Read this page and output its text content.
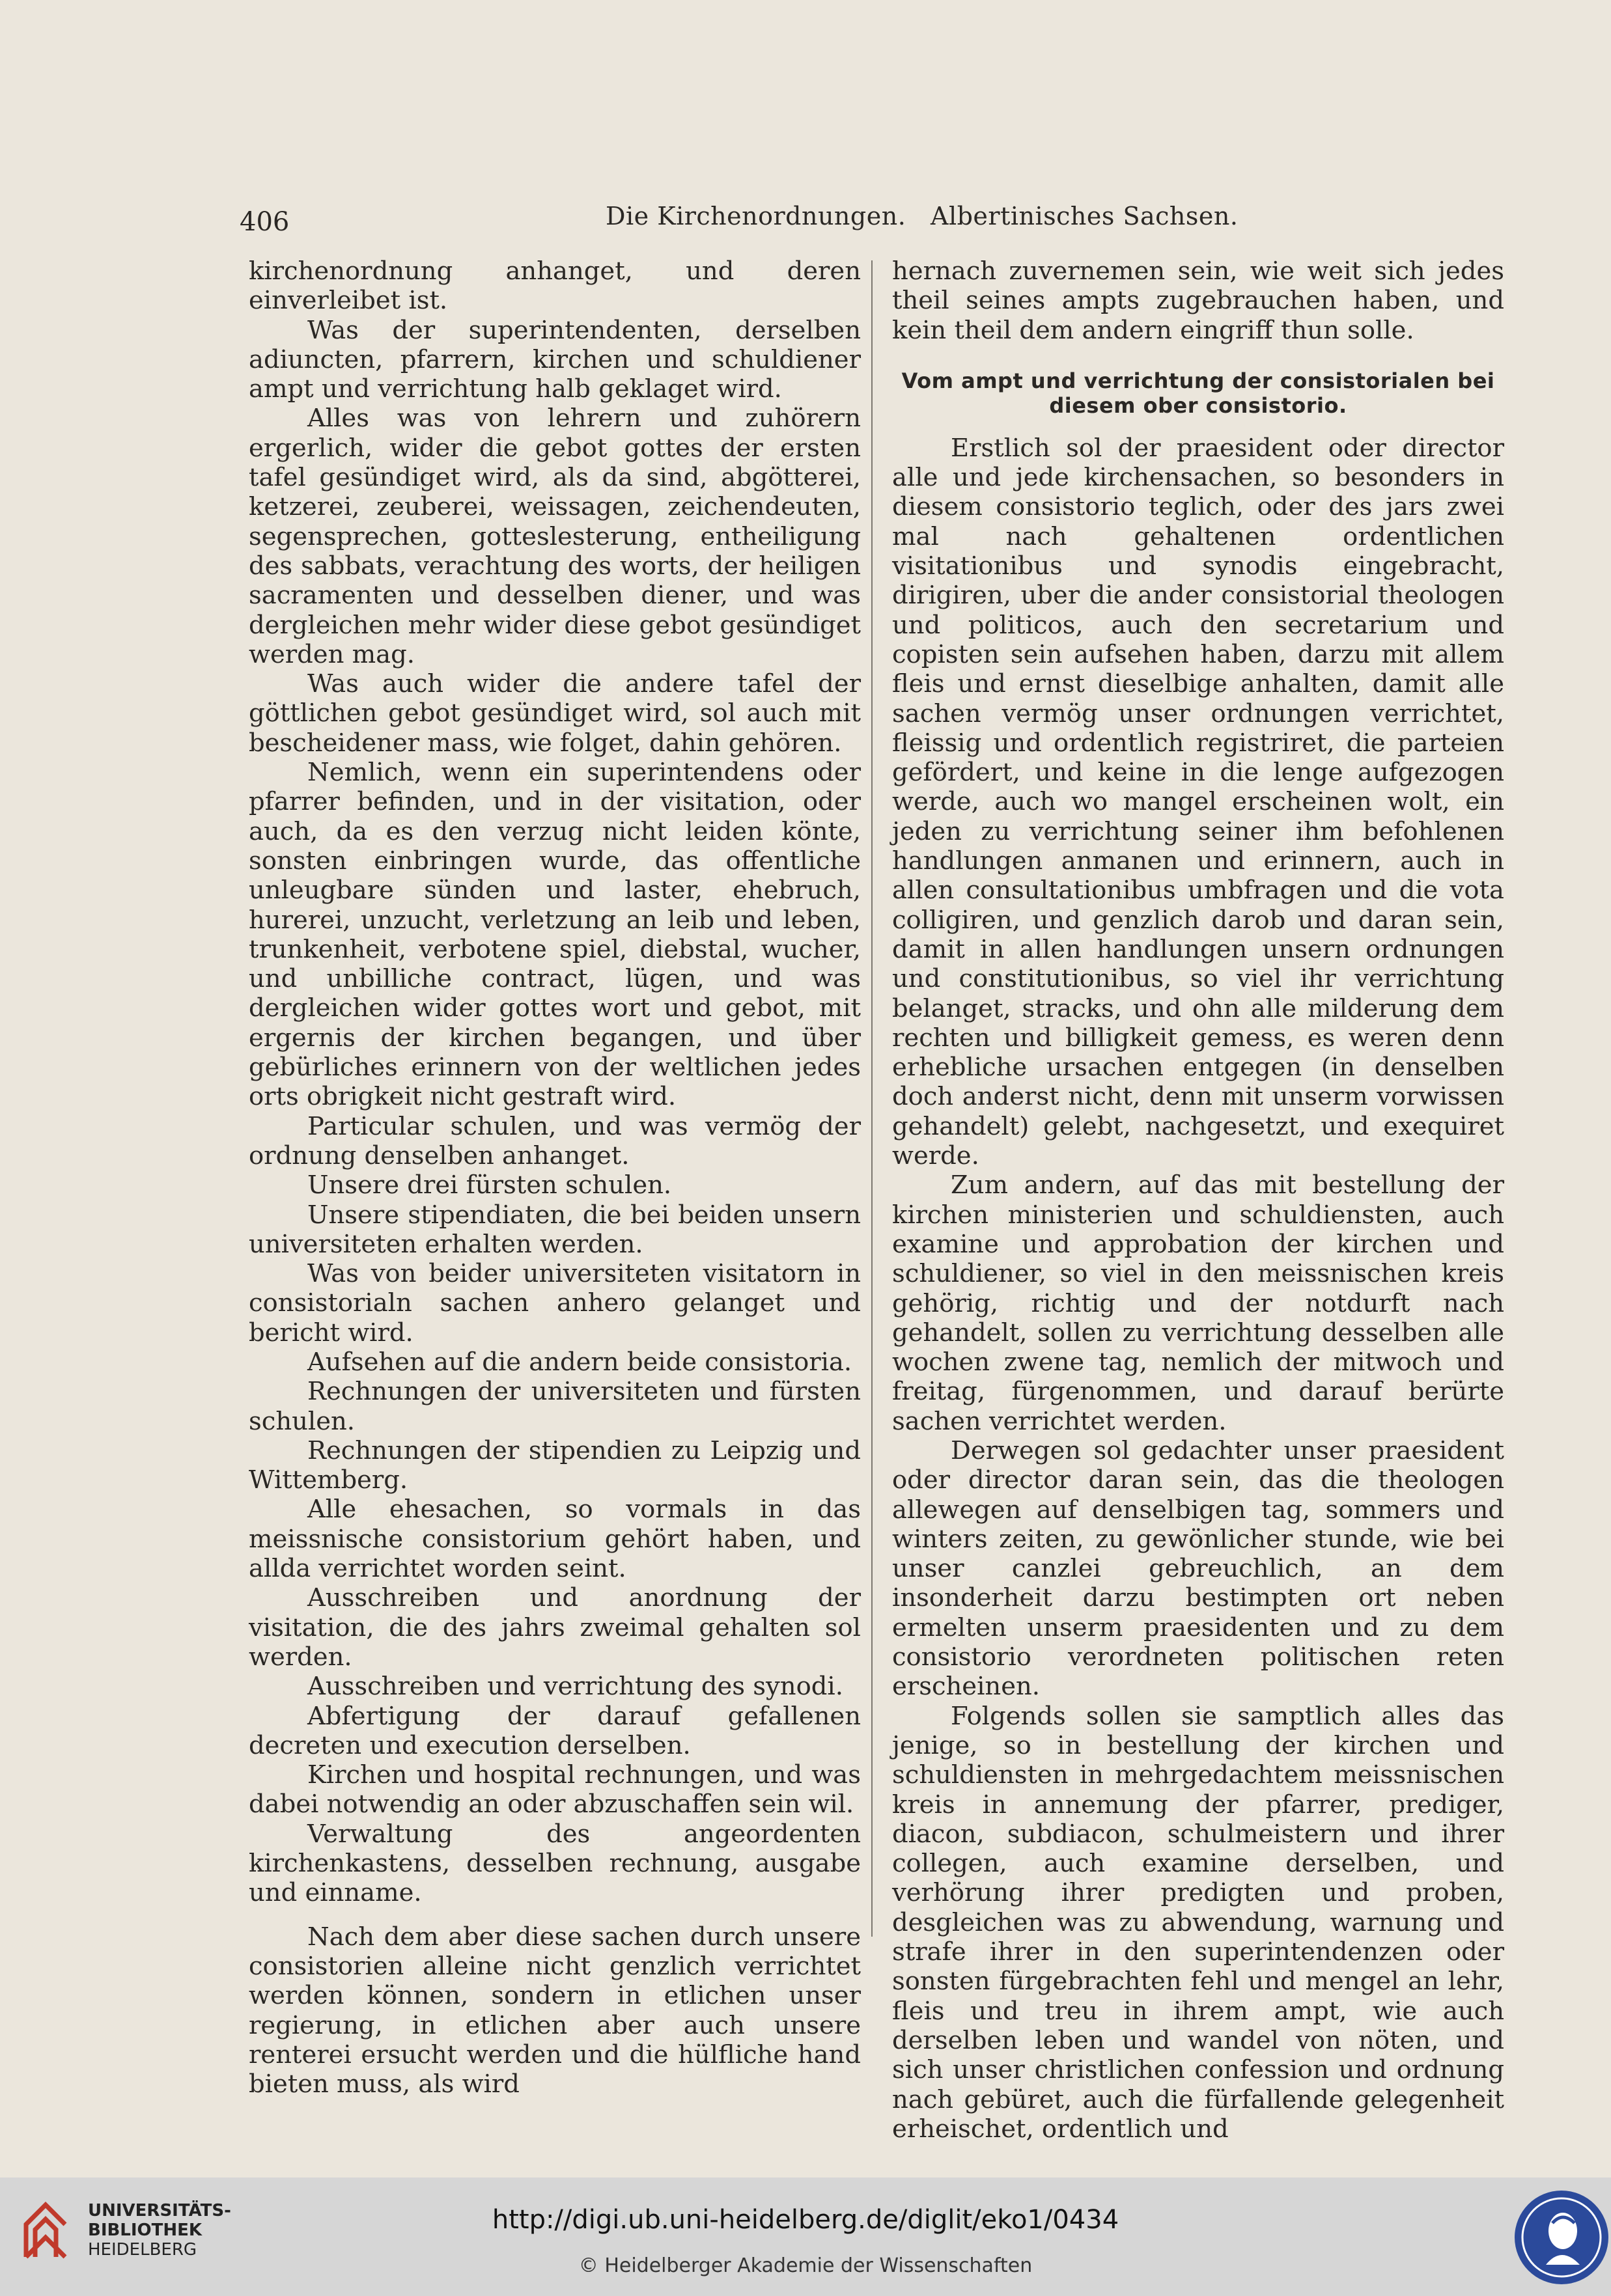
406	Die Kirchenordnungen.   Albertinisches Sachsen.

kirchenordnung anhanget, und deren einverleibet ist.

Was der superintendenten, derselben adiuncten, pfarrern, kirchen und schuldiener ampt und verrichtung halb geklaget wird.

Alles was von lehrern und zuhörern ergerlich, wider die gebot gottes der ersten tafel gesündiget wird, als da sind, abgötterei, ketzerei, zeuberei, weissagen, zeichendeuten, segensprechen, gotteslesterung, entheiligung des sabbats, verachtung des worts, der heiligen sacramenten und desselben diener, und was dergleichen mehr wider diese gebot gesündiget werden mag.

Was auch wider die andere tafel der göttlichen gebot gesündiget wird, sol auch mit bescheidener mass, wie folget, dahin gehören.

Nemlich, wenn ein superintendens oder pfarrer befinden, und in der visitation, oder auch, da es den verzug nicht leiden könte, sonsten einbringen wurde, das offentliche unleugbare sünden und laster, ehebruch, hurerei, unzucht, verletzung an leib und leben, trunkenheit, verbotene spiel, diebstal, wucher, und unbilliche contract, lügen, und was dergleichen wider gottes wort und gebot, mit ergernis der kirchen begangen, und über gebürliches erinnern von der weltlichen jedes orts obrigkeit nicht gestraft wird.

Particular schulen, und was vermög der ordnung denselben anhanget.

Unsere drei fürsten schulen.

Unsere stipendiaten, die bei beiden unsern universiteten erhalten werden.

Was von beider universiteten visitatorn in consistorialn sachen anhero gelanget und bericht wird.

Aufsehen auf die andern beide consistoria.

Rechnungen der universiteten und fürsten schulen.

Rechnungen der stipendien zu Leipzig und Wittemberg.

Alle ehesachen, so vormals in das meissnische consistorium gehört haben, und allda verrichtet worden seint.

Ausschreiben und anordnung der visitation, die des jahrs zweimal gehalten sol werden.

Ausschreiben und verrichtung des synodi.

Abfertigung der darauf gefallenen decreten und execution derselben.

Kirchen und hospital rechnungen, und was dabei notwendig an oder abzuschaffen sein wil.

Verwaltung des angeordenten kirchenkastens, desselben rechnung, ausgabe und einname.

Nach dem aber diese sachen durch unsere consistorien alleine nicht genzlich verrichtet werden können, sondern in etlichen unser regierung, in etlichen aber auch unsere renterei ersucht werden und die hülfliche hand bieten muss, als wird

hernach zuvernemen sein, wie weit sich jedes theil seines ampts zugebrauchen haben, und kein theil dem andern eingriff thun solle.

Vom ampt und verrichtung der consistorialen bei diesem ober consistorio.

Erstlich sol der praesident oder director alle und jede kirchensachen, so besonders in diesem consistorio teglich, oder des jars zwei mal nach gehaltenen ordentlichen visitationibus und synodis eingebracht, dirigiren, uber die ander consistorial theologen und politicos, auch den secretarium und copisten sein aufsehen haben, darzu mit allem fleis und ernst dieselbige anhalten, damit alle sachen vermög unser ordnungen verrichtet, fleissig und ordentlich registriret, die parteien gefördert, und keine in die lenge aufgezogen werde, auch wo mangel erscheinen wolt, ein jeden zu verrichtung seiner ihm befohlenen handlungen anmanen und erinnern, auch in allen consultationibus umbfragen und die vota colligiren, und genzlich darob und daran sein, damit in allen handlungen unsern ordnungen und constitutionibus, so viel ihr verrichtung belanget, stracks, und ohn alle milderung dem rechten und billigkeit gemess, es weren denn erhebliche ursachen entgegen (in denselben doch anderst nicht, denn mit unserm vorwissen gehandelt) gelebt, nachgesetzt, und exequiret werde.

Zum andern, auf das mit bestellung der kirchen ministerien und schuldiensten, auch examine und approbation der kirchen und schuldiener, so viel in den meissnischen kreis gehörig, richtig und der notdurft nach gehandelt, sollen zu verrichtung desselben alle wochen zwene tag, nemlich der mitwoch und freitag, fürgenommen, und darauf berürte sachen verrichtet werden.

Derwegen sol gedachter unser praesident oder director daran sein, das die theologen allewegen auf denselbigen tag, sommers und winters zeiten, zu gewönlicher stunde, wie bei unser canzlei gebreuchlich, an dem insonderheit darzu bestimpten ort neben ermelten unserm praesidenten und zu dem consistorio verordneten politischen reten erscheinen.

Folgends sollen sie samptlich alles das jenige, so in bestellung der kirchen und schuldiensten in mehrgedachtem meissnischen kreis in annemung der pfarrer, prediger, diacon, subdiacon, schulmeistern und ihrer collegen, auch examine derselben, und verhörung ihrer predigten und proben, desgleichen was zu abwendung, warnung und strafe ihrer in den superintendenzen oder sonsten fürgebrachten fehl und mengel an lehr, fleis und treu in ihrem ampt, wie auch derselben leben und wandel von nöten, und sich unser christlichen confession und ordnung nach gebüret, auch die fürfallende gelegenheit erheischet, ordentlich und

UNIVERSITÄTS-
BIBLIOTHEK
HEIDELBERG
http://digi.ub.uni-heidelberg.de/diglit/eko1/0434
© Heidelberger Akademie der Wissenschaften
